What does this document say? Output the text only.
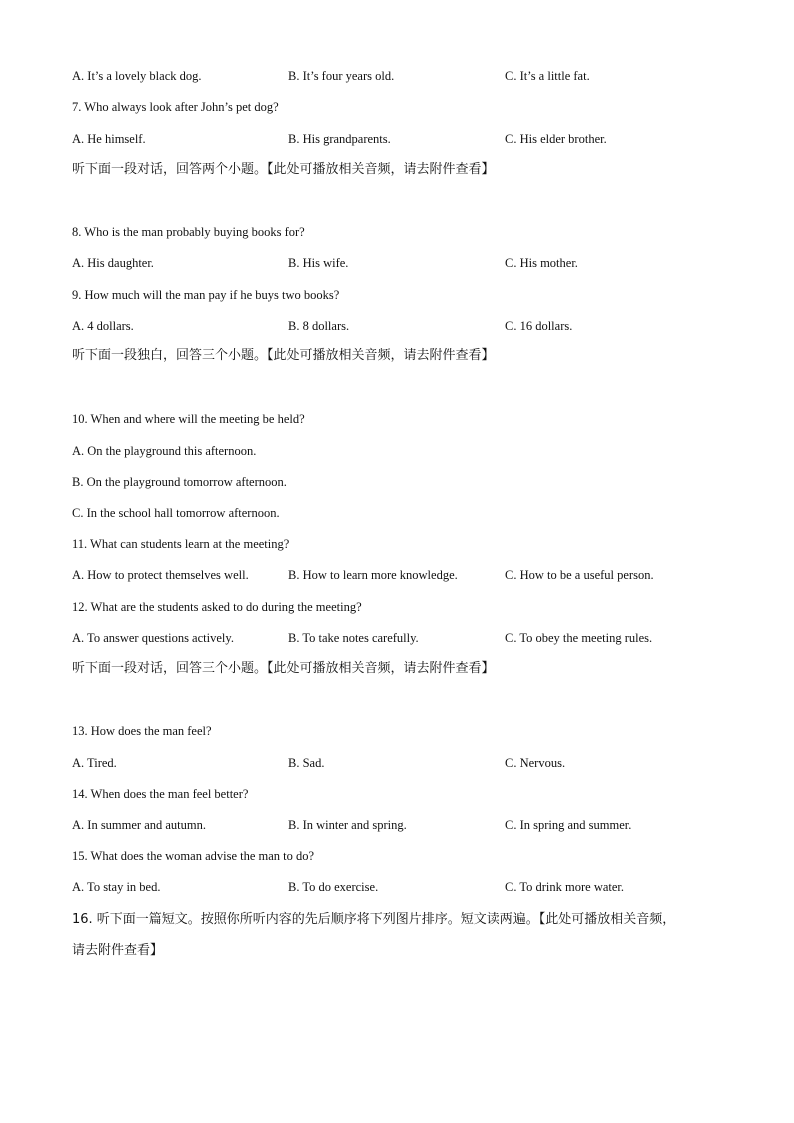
A. It’s a lovely black dog.	B. It’s four years old.	C. It’s a little fat.
7. Who always look after John’s pet dog?
A. He himself.	B. His grandparents.	C. His elder brother.
听下面一段对话，回答两个小题。【此处可播放相关音频，请去附件查看】
8. Who is the man probably buying books for?
A. His daughter.	B. His wife.	C. His mother.
9. How much will the man pay if he buys two books?
A. 4 dollars.	B. 8 dollars.	C. 16 dollars.
听下面一段独白，回答三个小题。【此处可播放相关音频，请去附件查看】
10. When and where will the meeting be held?
A. On the playground this afternoon.
B. On the playground tomorrow afternoon.
C. In the school hall tomorrow afternoon.
11. What can students learn at the meeting?
A. How to protect themselves well.	B. How to learn more knowledge.	C. How to be a useful person.
12. What are the students asked to do during the meeting?
A. To answer questions actively.	B. To take notes carefully.	C. To obey the meeting rules.
听下面一段对话，回答三个小题。【此处可播放相关音频，请去附件查看】
13. How does the man feel?
A. Tired.	B. Sad.	C. Nervous.
14. When does the man feel better?
A. In summer and autumn.	B. In winter and spring.	C. In spring and summer.
15. What does the woman advise the man to do?
A. To stay in bed.	B. To do exercise.	C. To drink more water.
16. 听下面一篇短文。按照你所听内容的先后顺序将下列图片排序。短文读两遍。【此处可播放相关音频，
请去附件查看】
